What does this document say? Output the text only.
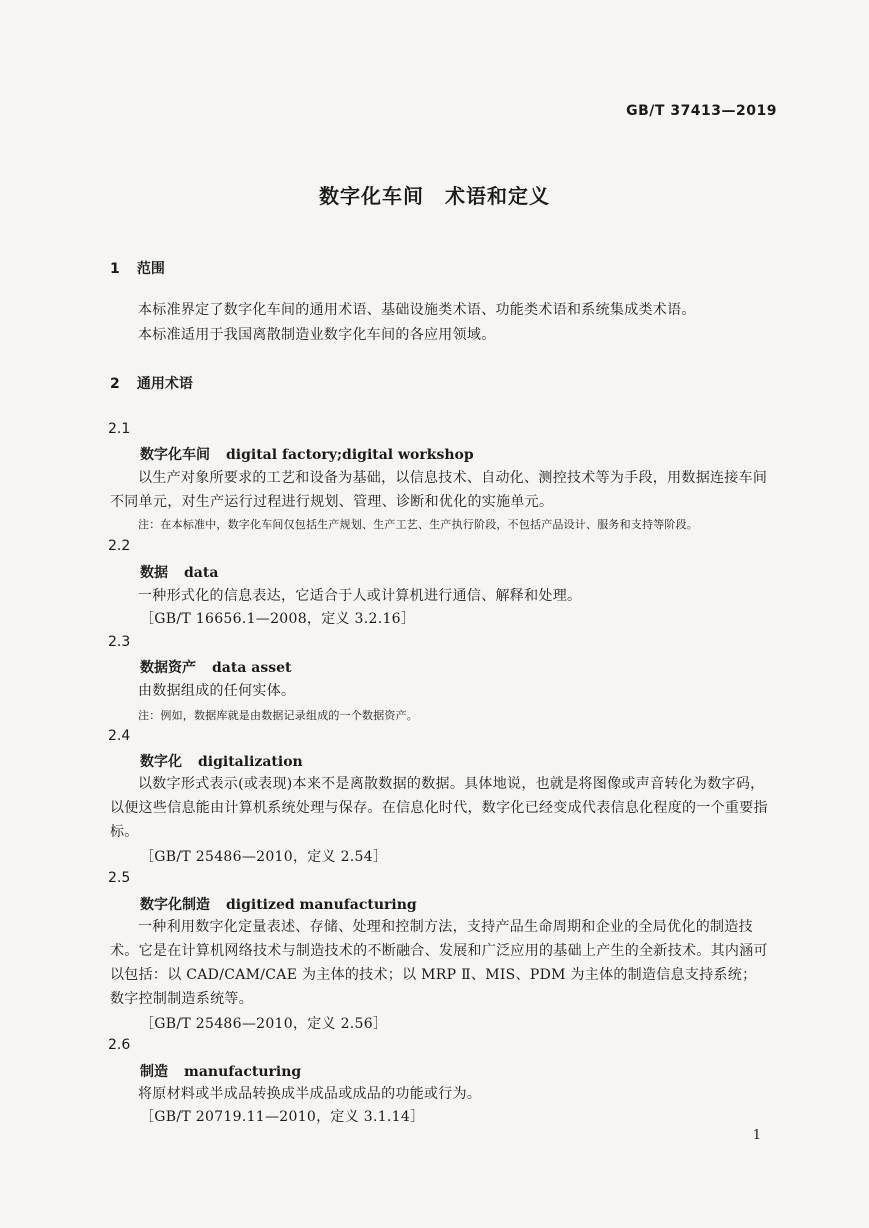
GB/T 37413—2019
数字化车间　术语和定义
1 范围
本标准界定了数字化车间的通用术语、基础设施类术语、功能类术语和系统集成类术语。
本标准适用于我国离散制造业数字化车间的各应用领域。
2 通用术语
2.1
数字化车间 digital factory;digital workshop
以生产对象所要求的工艺和设备为基础，以信息技术、自动化、测控技术等为手段，用数据连接车间不同单元，对生产运行过程进行规划、管理、诊断和优化的实施单元。
注：在本标准中，数字化车间仅包括生产规划、生产工艺、生产执行阶段，不包括产品设计、服务和支持等阶段。
2.2
数据 data
一种形式化的信息表达，它适合于人或计算机进行通信、解释和处理。
［GB/T 16656.1—2008，定义 3.2.16］
2.3
数据资产 data asset
由数据组成的任何实体。
注：例如，数据库就是由数据记录组成的一个数据资产。
2.4
数字化 digitalization
以数字形式表示(或表现)本来不是离散数据的数据。具体地说，也就是将图像或声音转化为数字码，以便这些信息能由计算机系统处理与保存。在信息化时代，数字化已经变成代表信息化程度的一个重要指标。
［GB/T 25486—2010，定义 2.54］
2.5
数字化制造 digitized manufacturing
一种利用数字化定量表述、存储、处理和控制方法，支持产品生命周期和企业的全局优化的制造技术。它是在计算机网络技术与制造技术的不断融合、发展和广泛应用的基础上产生的全新技术。其内涵可以包括：以 CAD/CAM/CAE 为主体的技术；以 MRP Ⅱ、MIS、PDM 为主体的制造信息支持系统；数字控制制造系统等。
［GB/T 25486—2010，定义 2.56］
2.6
制造 manufacturing
将原材料或半成品转换成半成品或成品的功能或行为。
［GB/T 20719.11—2010，定义 3.1.14］
1
